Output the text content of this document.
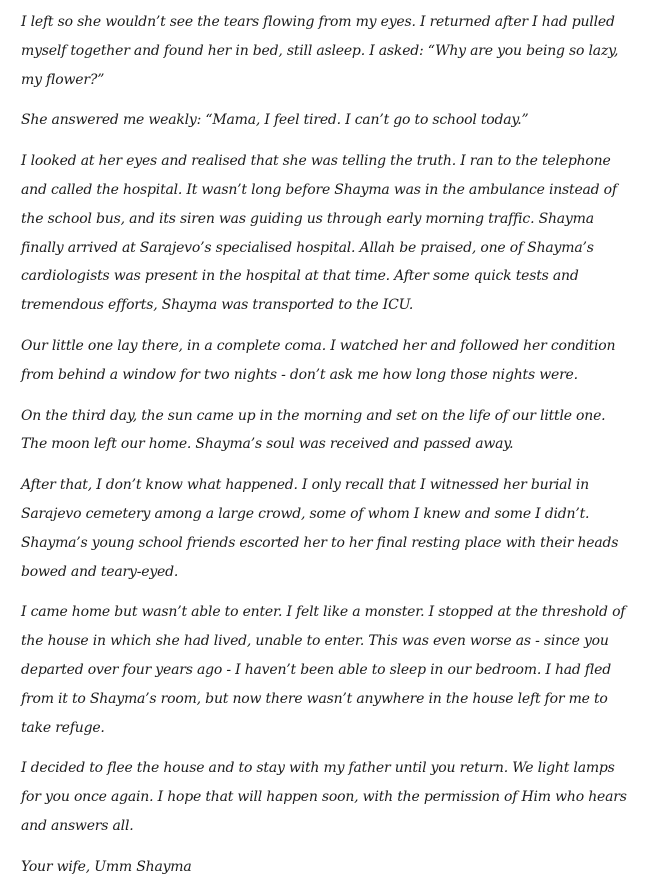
I left so she wouldn’t see the tears flowing from my eyes. I returned after I had pulled myself together and found her in bed, still asleep. I asked: “Why are you being so lazy, my flower?”

She answered me weakly: “Mama, I feel tired. I can’t go to school today.”

I looked at her eyes and realised that she was telling the truth. I ran to the telephone and called the hospital. It wasn’t long before Shayma was in the ambulance instead of the school bus, and its siren was guiding us through early morning traffic. Shayma finally arrived at Sarajevo’s specialised hospital. Allah be praised, one of Shayma’s cardiologists was present in the hospital at that time. After some quick tests and tremendous efforts, Shayma was transported to the ICU.

Our little one lay there, in a complete coma. I watched her and followed her condition from behind a window for two nights - don’t ask me how long those nights were.

On the third day, the sun came up in the morning and set on the life of our little one. The moon left our home. Shayma’s soul was received and passed away.

After that, I don’t know what happened. I only recall that I witnessed her burial in Sarajevo cemetery among a large crowd, some of whom I knew and some I didn’t. Shayma’s young school friends escorted her to her final resting place with their heads bowed and teary-eyed.

I came home but wasn’t able to enter. I felt like a monster. I stopped at the threshold of the house in which she had lived, unable to enter. This was even worse as - since you departed over four years ago - I haven’t been able to sleep in our bedroom. I had fled from it to Shayma’s room, but now there wasn’t anywhere in the house left for me to take refuge.

I decided to flee the house and to stay with my father until you return. We light lamps for you once again. I hope that will happen soon, with the permission of Him who hears and answers all.

Your wife, Umm Shayma
